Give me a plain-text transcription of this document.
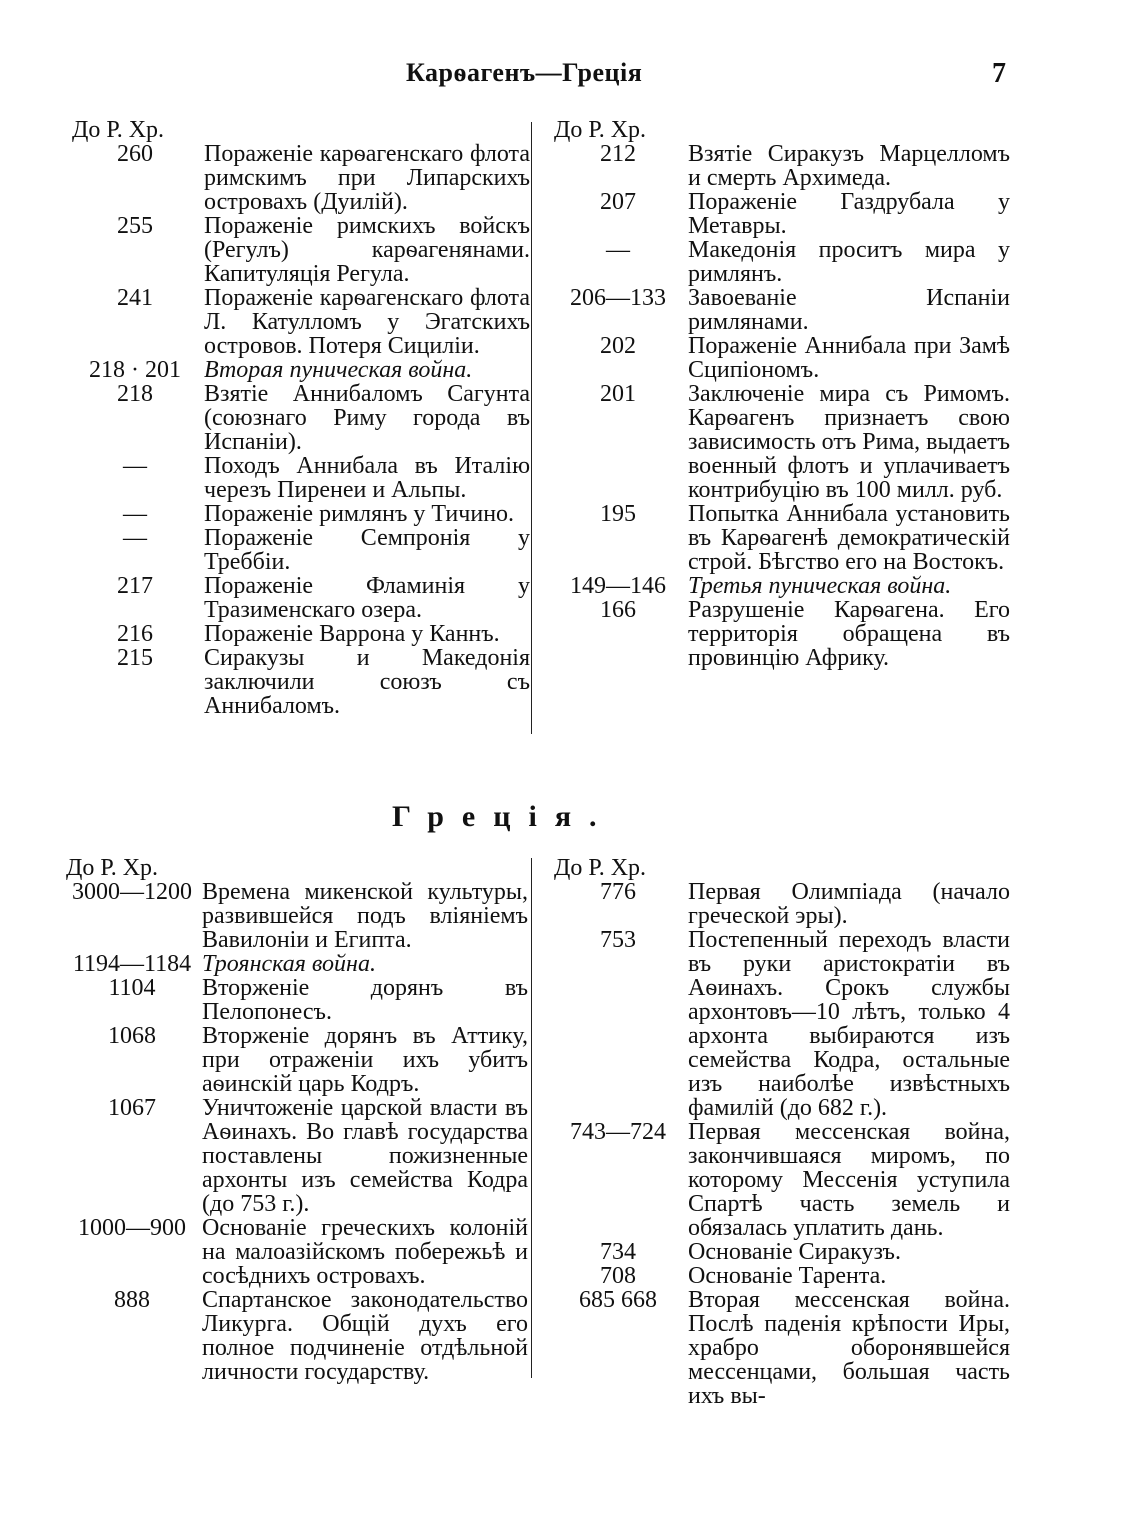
Карѳагенъ—Греція	7
До Р. Хр.
260	Пораженіе карѳагенскаго флота римскимъ при Липарскихъ островахъ (Дуилій).
255	Пораженіе римскихъ войскъ (Регулъ) карѳагенянами. Капитуляція Регула.
241	Пораженіе карѳагенскаго флота Л. Катулломъ у Эгатскихъ островов. Потеря Сициліи.
218 · 201 Вторая пуническая война.
218	Взятіе Аннибаломъ Сагунта (союзнаго Риму города въ Испаніи).
—	Походъ Аннибала въ Италію черезъ Пиренеи и Альпы.
—	Пораженіе римлянъ у Тичино.
—	Пораженіе Семпронія у Треббіи.
217	Пораженіе Фламинія у Тразименскаго озера.
216	Пораженіе Варрона у Каннъ.
215	Сиракузы и Македонія заключили союзъ съ Аннибаломъ.
До Р. Хр.
212	Взятіе Сиракузъ Марцелломъ и смерть Архимеда.
207	Пораженіе Газдрубала у Метавры.
—	Македонія проситъ мира у римлянъ.
206—133 Завоеваніе Испаніи римлянами.
202	Пораженіе Аннибала при Замѣ Сципіономъ.
201	Заключеніе мира съ Римомъ. Карѳагенъ признаетъ свою зависимость отъ Рима, выдаетъ военный флотъ и уплачиваетъ контрибуцію въ 100 милл. руб.
195	Попытка Аннибала установить въ Карѳагенѣ демократическій строй. Бѣгство его на Востокъ.
149—146 Третья пуническая война.
166	Разрушеніе Карѳагена. Его территорія обращена въ провинцію Африку.
Греція.
До Р. Хр.
3000—1200 Времена микенской культуры, развившейся подъ вліяніемъ Вавилоніи и Египта.
1194—1184 Троянская война.
1104	Вторженіе дорянъ въ Пелопонесъ.
1068	Вторженіе дорянъ въ Аттику, при отраженіи ихъ убитъ аѳинскій царь Кодръ.
1067	Уничтоженіе царской власти въ Аѳинахъ. Во главѣ государства поставлены пожизненные архонты изъ семейства Кодра (до 753 г.).
1000—900 Основаніе греческихъ колоній на малоазійскомъ побережьѣ и сосѣднихъ островахъ.
888	Спартанское законодательство Ликурга. Общій духъ его полное подчиненіе отдѣльной личности государству.
До Р. Хр.
776	Первая Олимпіада (начало греческой эры).
753	Постепенный переходъ власти въ руки аристократіи въ Аѳинахъ. Срокъ службы архонтовъ—10 лѣтъ, только 4 архонта выбираются изъ семейства Кодра, остальные изъ наиболѣе извѣстныхъ фамилій (до 682 г.).
743—724 Первая мессенская война, закончившаяся миромъ, по которому Мессенія уступила Спартѣ часть земель и обязалась уплатить дань.
734	Основаніе Сиракузъ.
708	Основаніе Тарента.
685 668	Вторая мессенская война. Послѣ паденія крѣпости Иры, храбро оборонявшейся мессенцами, большая часть ихъ вы-
